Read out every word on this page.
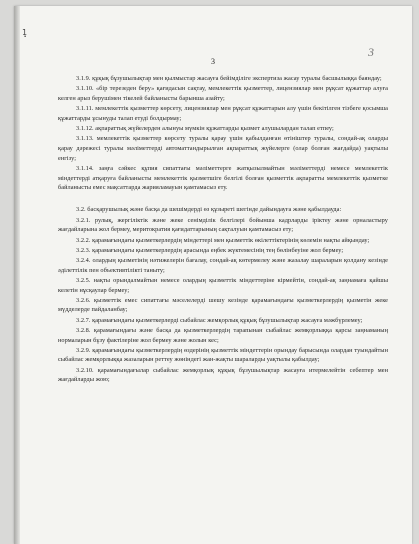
1̩̥
3
3

3.1.9. құқық бұзушылықтар мен қылмыстар жасауға бейімділіге экспертиза жасау туралы басшылыққа баяндау;

3.1.10. «бір терезеден беру» қағидасын сақтау, мемлекеттік қызметтер, лицензиялар мен рұқсат құжаттар алуға келген арыз берушімен тікелей байланысты барынша азайту;

3.1.11. мемлекеттік қызметтер көрсету, лицензиялар мен рұқсат құжаттарын алу үшін бекітілген тізбеге қосымша құжаттарды ұсынуды талап етуді болдырмау;

3.1.12. ақпараттық жүйелерден алынуы мүмкін құжаттарды қызмет алушылардан талап етпеу;

3.1.13. мемлекеттік қызметтер көрсету туралы қарау үшін қабылданған өтініштер туралы, сондай-ақ оларды қарау дәрежесі туралы мәліметтерді автоматтандырылған ақпараттық жүйелерге (олар болған жағдайда) уақтылы енгізу;

3.1.14. заңға сәйкес құпия сипаттағы мәліметтерге жатқызылмайтын мәліметтерді немесе мемлекеттік міндеттерді атқаруға байланысты мемлекеттік қызметшіге белгілі болған қызметтік ақпаратты мемлекеттік қызметке байланысты емес мақсаттарда жарияламауын қамтамасыз ету.

3.2. басқарушылық және басқа да шешімдерді өз құзыреті шегінде дайындауға және қабылдауда:

3.2.1. рулық, жергіліктік және жеке сенімділік белгілері бойынша кадрларды іріктеу және орналастыру жағдайларына жол бермеу, меритократия қағидаттарының сақталуын қамтамасыз ету;

3.2.2. қарамағындағы қызметкерлердің міндеттері мен қызметтік өкілеттіктерінің көлемін нақты айқындау;

3.2.3. қарамағындағы қызметкерлердің арасында еңбек жүктемесінің тең бөлінбеуіне жол бермеу;

3.2.4. олардың қызметінің нәтижелерін бағалау, сондай-ақ көтермелеу және жазалау шараларын қолдану кезінде әділеттілік пен объективтілікті таныту;

3.2.5. нақты орындалмайтын немесе олардың қызметтік міндеттеріне кірмейтін, сондай-ақ заңнамаға қайшы келетін нұсқаулар бермеу;

3.2.6. қызметтік емес сипаттағы мәселелерді шешу кезінде қарамағындағы қызметкерлердің қызметін жеке мүдделерде пайдаланбау;

3.2.7. қарамағындағы қызметкерлерді сыбайлас жемқорлық құқық бұзушылықтар жасауға мәжбүрлемеу;

3.2.8. қарамағындағы және басқа да қызметкерлердің тарапынан сыбайлас жемқорлыққа қарсы заңнаманың нормаларын бұзу фактілеріне жол бермеу және жолын кес;

3.2.9. қарамағындағы қызметкерлердің өздерінің қызметтік міндеттерін орындау барысында олардан туындайтын сыбайлас жемқорлыққа жазаларын реттеу жөніндегі жан-жақты шараларды уақтылы қабылдау;

3.2.10. қарамағындағылар сыбайлас жемқорлық құқық бұзушылықтар жасауға итермелейтін себептер мен жағдайларды жою;
